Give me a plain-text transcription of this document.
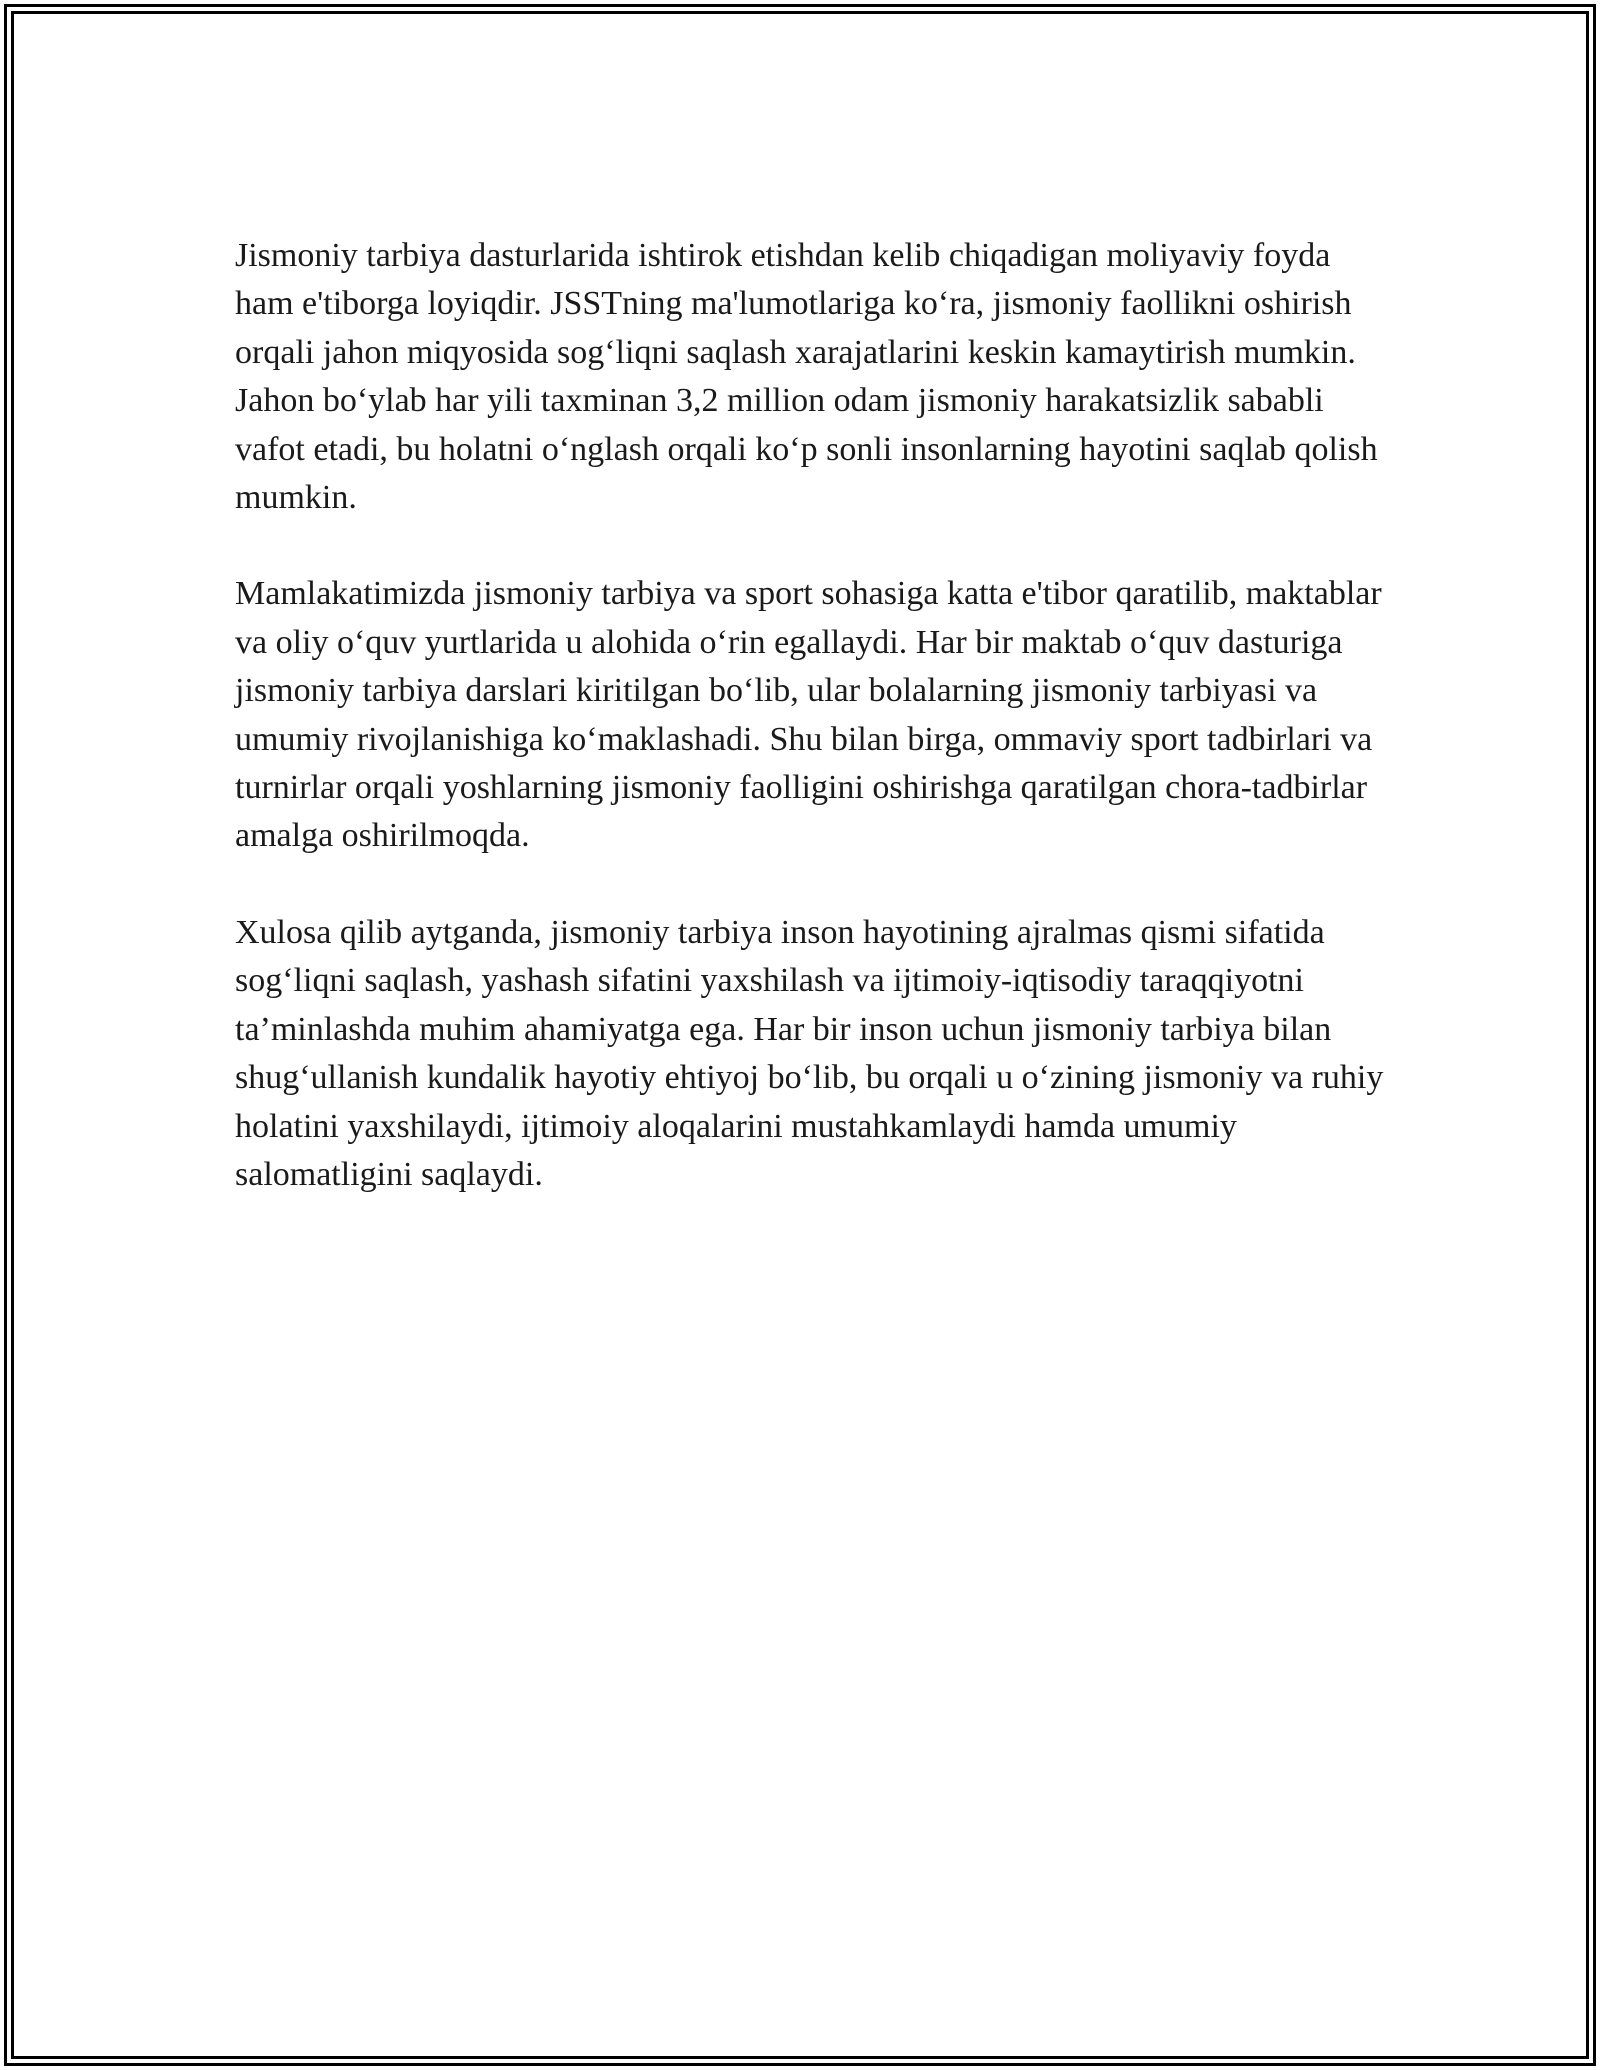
Jismoniy tarbiya dasturlarida ishtirok etishdan kelib chiqadigan moliyaviy foyda ham e'tiborga loyiqdir. JSSTning ma'lumotlariga ko‘ra, jismoniy faollikni oshirish orqali jahon miqyosida sog‘liqni saqlash xarajatlarini keskin kamaytirish mumkin. Jahon bo‘ylab har yili taxminan 3,2 million odam jismoniy harakatsizlik sababli vafot etadi, bu holatni o‘nglash orqali ko‘p sonli insonlarning hayotini saqlab qolish mumkin.

Mamlakatimizda jismoniy tarbiya va sport sohasiga katta e'tibor qaratilib, maktablar va oliy o‘quv yurtlarida u alohida o‘rin egallaydi. Har bir maktab o‘quv dasturiga jismoniy tarbiya darslari kiritilgan bo‘lib, ular bolalarning jismoniy tarbiyasi va umumiy rivojlanishiga ko‘maklashadi. Shu bilan birga, ommaviy sport tadbirlari va turnirlar orqali yoshlarning jismoniy faolligini oshirishga qaratilgan chora-tadbirlar amalga oshirilmoqda.

Xulosa qilib aytganda, jismoniy tarbiya inson hayotining ajralmas qismi sifatida sog‘liqni saqlash, yashash sifatini yaxshilash va ijtimoiy-iqtisodiy taraqqiyotni ta’minlashda muhim ahamiyatga ega. Har bir inson uchun jismoniy tarbiya bilan shug‘ullanish kundalik hayotiy ehtiyoj bo‘lib, bu orqali u o‘zining jismoniy va ruhiy holatini yaxshilaydi, ijtimoiy aloqalarini mustahkamlaydi hamda umumiy salomatligini saqlaydi.
